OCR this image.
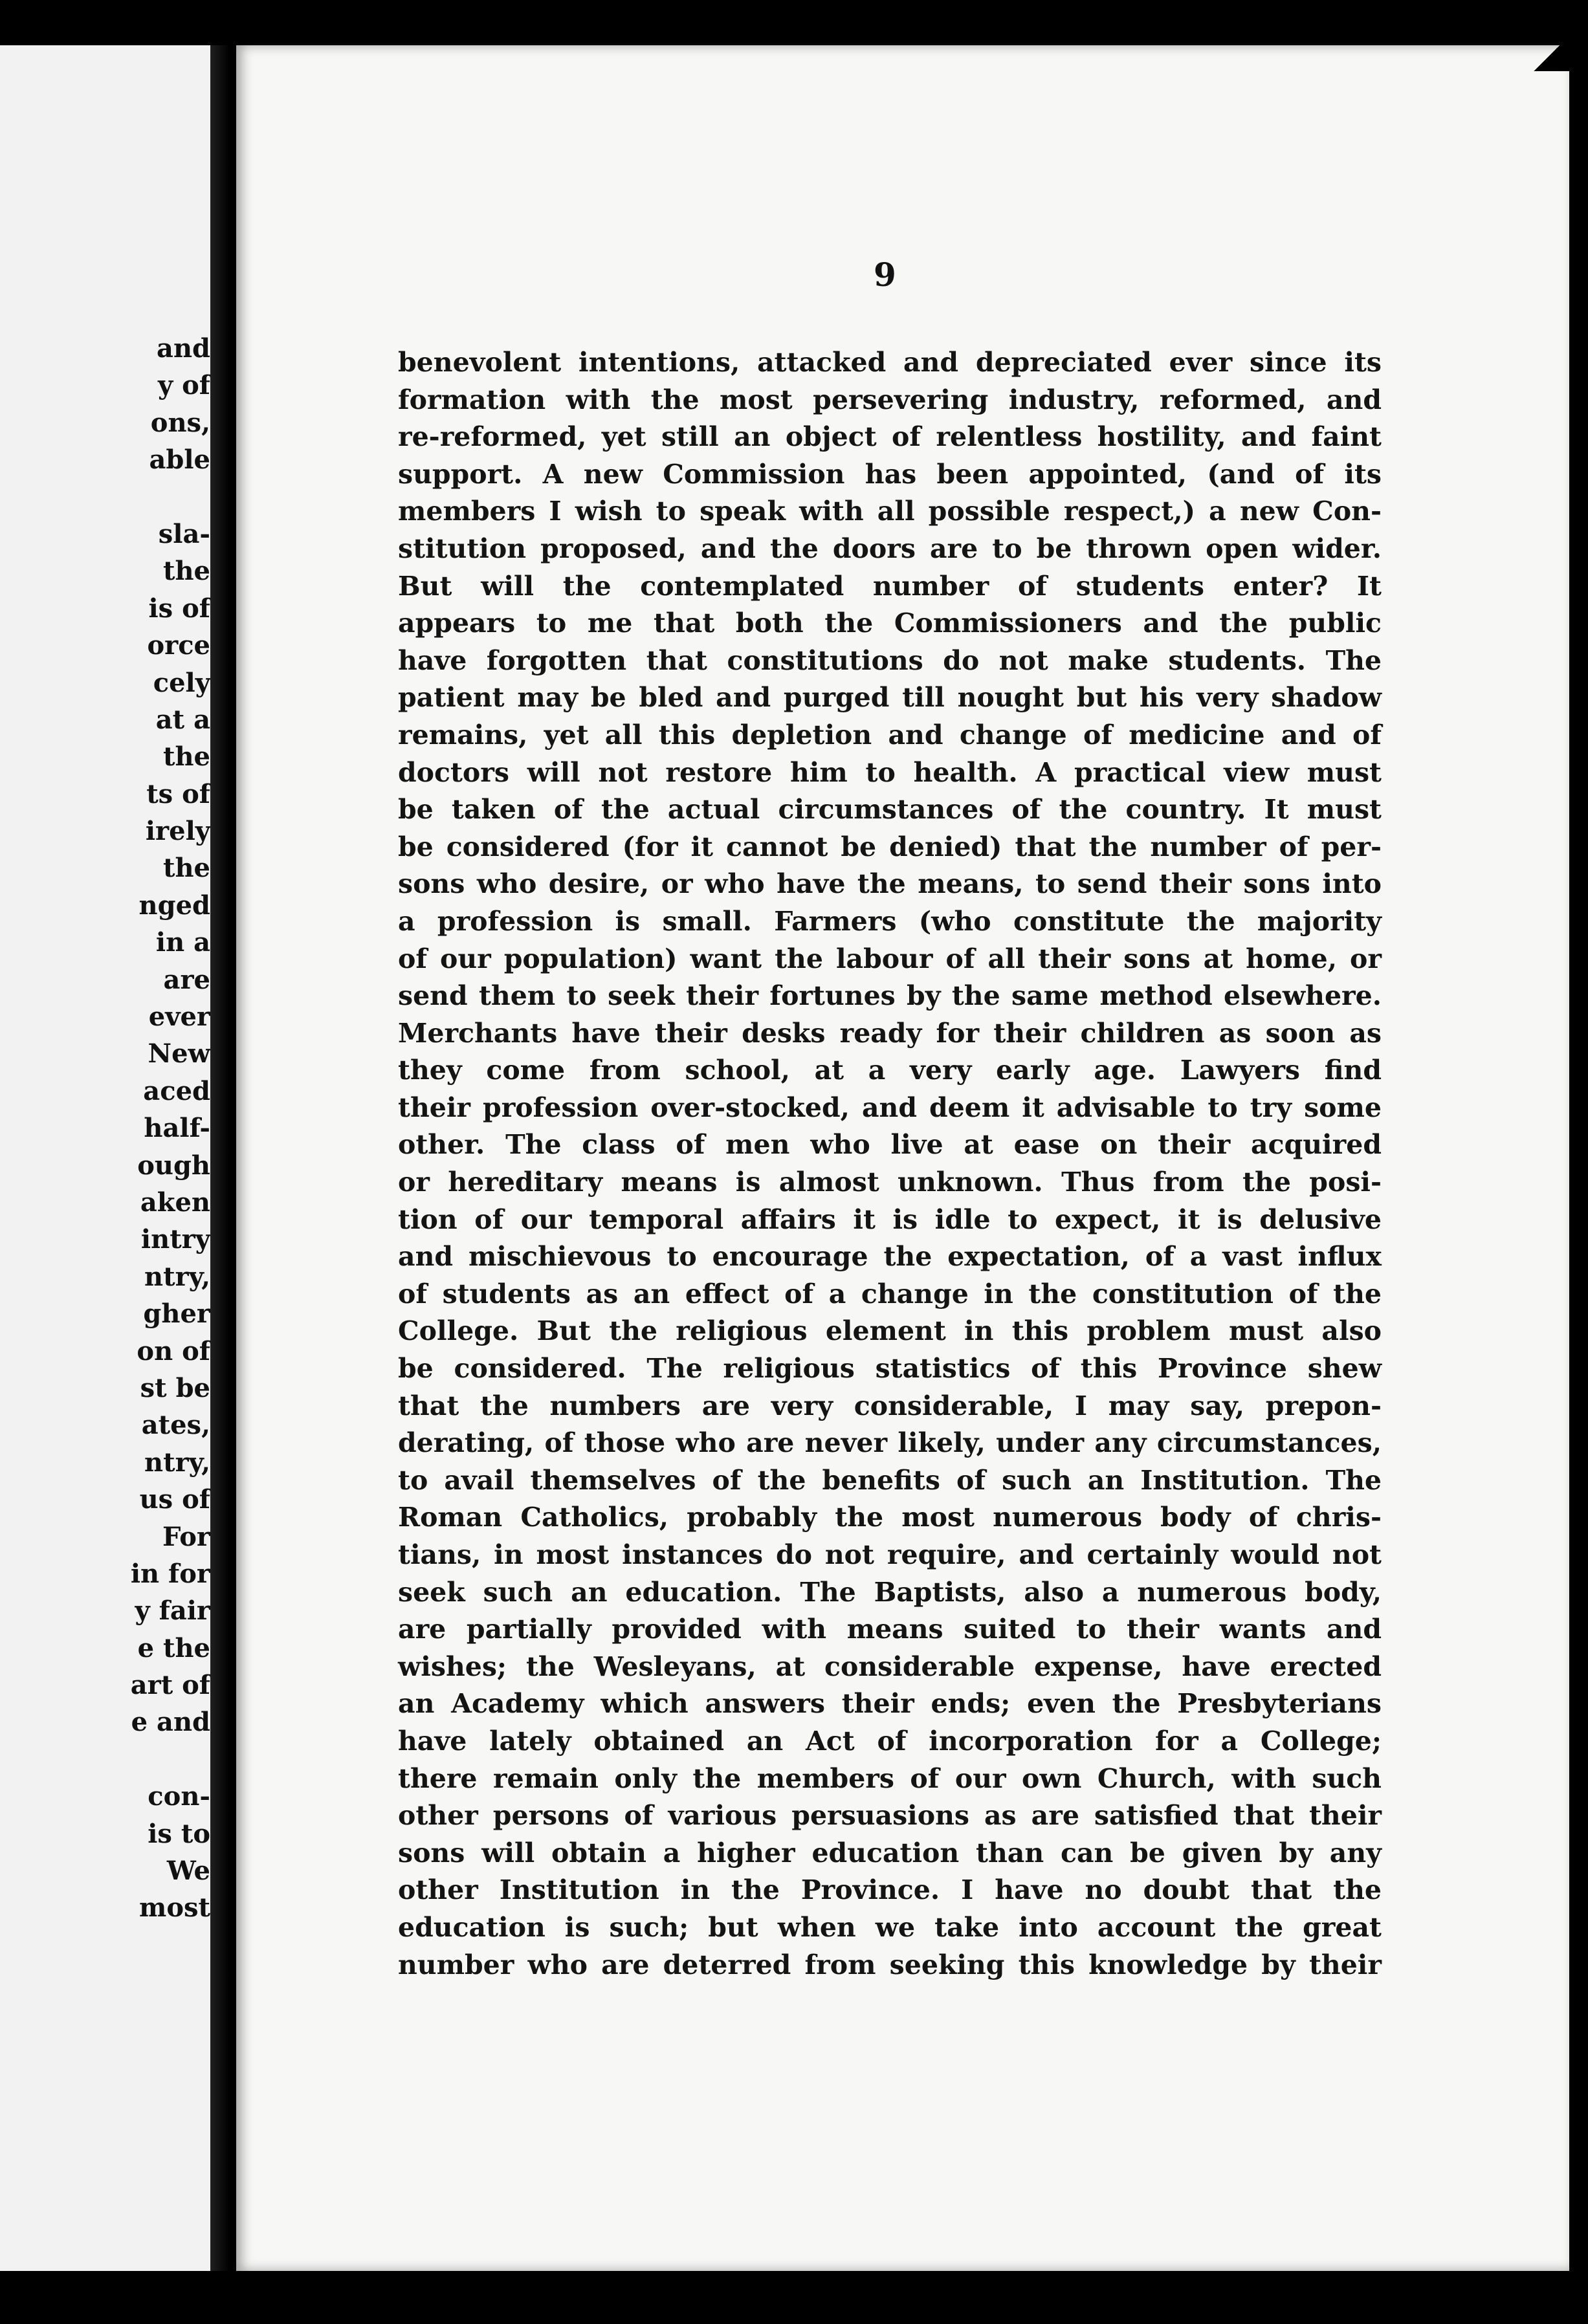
and
y of
ons,
able
sla-
the
is of
orce
cely
at a
the
ts of
irely
the
nged
in a
are
ever
New
aced
half-
ough
aken
intry
ntry,
gher
on of
st be
ates,
ntry,
us of
For
in for
y fair
e the
art of
e and
con-
is to
We
most
9
benevolent intentions, attacked and depreciated ever since its
formation with the most persevering industry, reformed, and
re-reformed, yet still an object of relentless hostility, and faint
support. A new Commission has been appointed, (and of its
members I wish to speak with all possible respect,) a new Con-
stitution proposed, and the doors are to be thrown open wider.
But will the contemplated number of students enter? It
appears to me that both the Commissioners and the public
have forgotten that constitutions do not make students. The
patient may be bled and purged till nought but his very shadow
remains, yet all this depletion and change of medicine and of
doctors will not restore him to health. A practical view must
be taken of the actual circumstances of the country. It must
be considered (for it cannot be denied) that the number of per-
sons who desire, or who have the means, to send their sons into
a profession is small. Farmers (who constitute the majority
of our population) want the labour of all their sons at home, or
send them to seek their fortunes by the same method elsewhere.
Merchants have their desks ready for their children as soon as
they come from school, at a very early age. Lawyers find
their profession over-stocked, and deem it advisable to try some
other. The class of men who live at ease on their acquired
or hereditary means is almost unknown. Thus from the posi-
tion of our temporal affairs it is idle to expect, it is delusive
and mischievous to encourage the expectation, of a vast influx
of students as an effect of a change in the constitution of the
College. But the religious element in this problem must also
be considered. The religious statistics of this Province shew
that the numbers are very considerable, I may say, prepon-
derating, of those who are never likely, under any circumstances,
to avail themselves of the benefits of such an Institution. The
Roman Catholics, probably the most numerous body of chris-
tians, in most instances do not require, and certainly would not
seek such an education. The Baptists, also a numerous body,
are partially provided with means suited to their wants and
wishes; the Wesleyans, at considerable expense, have erected
an Academy which answers their ends; even the Presbyterians
have lately obtained an Act of incorporation for a College;
there remain only the members of our own Church, with such
other persons of various persuasions as are satisfied that their
sons will obtain a higher education than can be given by any
other Institution in the Province. I have no doubt that the
education is such; but when we take into account the great
number who are deterred from seeking this knowledge by their
